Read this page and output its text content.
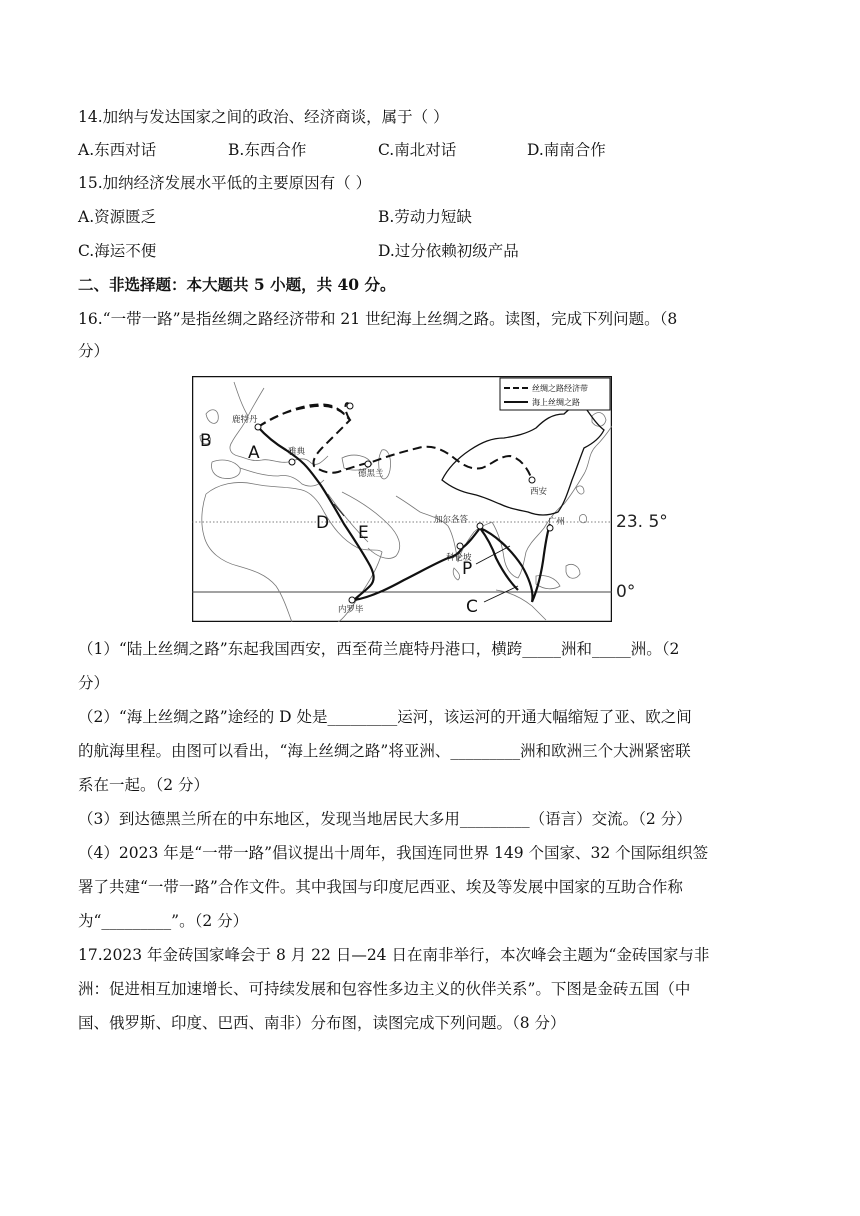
14.加纳与发达国家之间的政治、经济商谈，属于（ ）
A.东西对话	B.东西合作	C.南北对话	D.南南合作
15.加纳经济发展水平低的主要原因有（ ）
A.资源匮乏	B.劳动力短缺
C.海运不便	D.过分依赖初级产品
二、非选择题：本大题共 5 小题，共 40 分。
16.“一带一路”是指丝绸之路经济带和 21 世纪海上丝绸之路。读图，完成下列问题。（8
分）
丝绸之路经济带
海上丝绸之路
鹿特丹
雅典
德黑兰
西安
加尔各答	广州
科伦坡
内罗毕
A
B
C
D E
P
23. 5°
0°
（1）“陆上丝绸之路”东起我国西安，西至荷兰鹿特丹港口，横跨_____洲和_____洲。（2
分）
（2）“海上丝绸之路”途经的 D 处是_________运河，该运河的开通大幅缩短了亚、欧之间
的航海里程。由图可以看出，“海上丝绸之路”将亚洲、_________洲和欧洲三个大洲紧密联
系在一起。（2 分）
（3）到达德黑兰所在的中东地区，发现当地居民大多用_________（语言）交流。（2 分）
（4）2023 年是“一带一路”倡议提出十周年，我国连同世界 149 个国家、32 个国际组织签
署了共建“一带一路”合作文件。其中我国与印度尼西亚、埃及等发展中国家的互助合作称
为“_________”。（2 分）
17.2023 年金砖国家峰会于 8 月 22 日—24 日在南非举行，本次峰会主题为“金砖国家与非
洲：促进相互加速增长、可持续发展和包容性多边主义的伙伴关系”。下图是金砖五国（中
国、俄罗斯、印度、巴西、南非）分布图，读图完成下列问题。（8 分）
